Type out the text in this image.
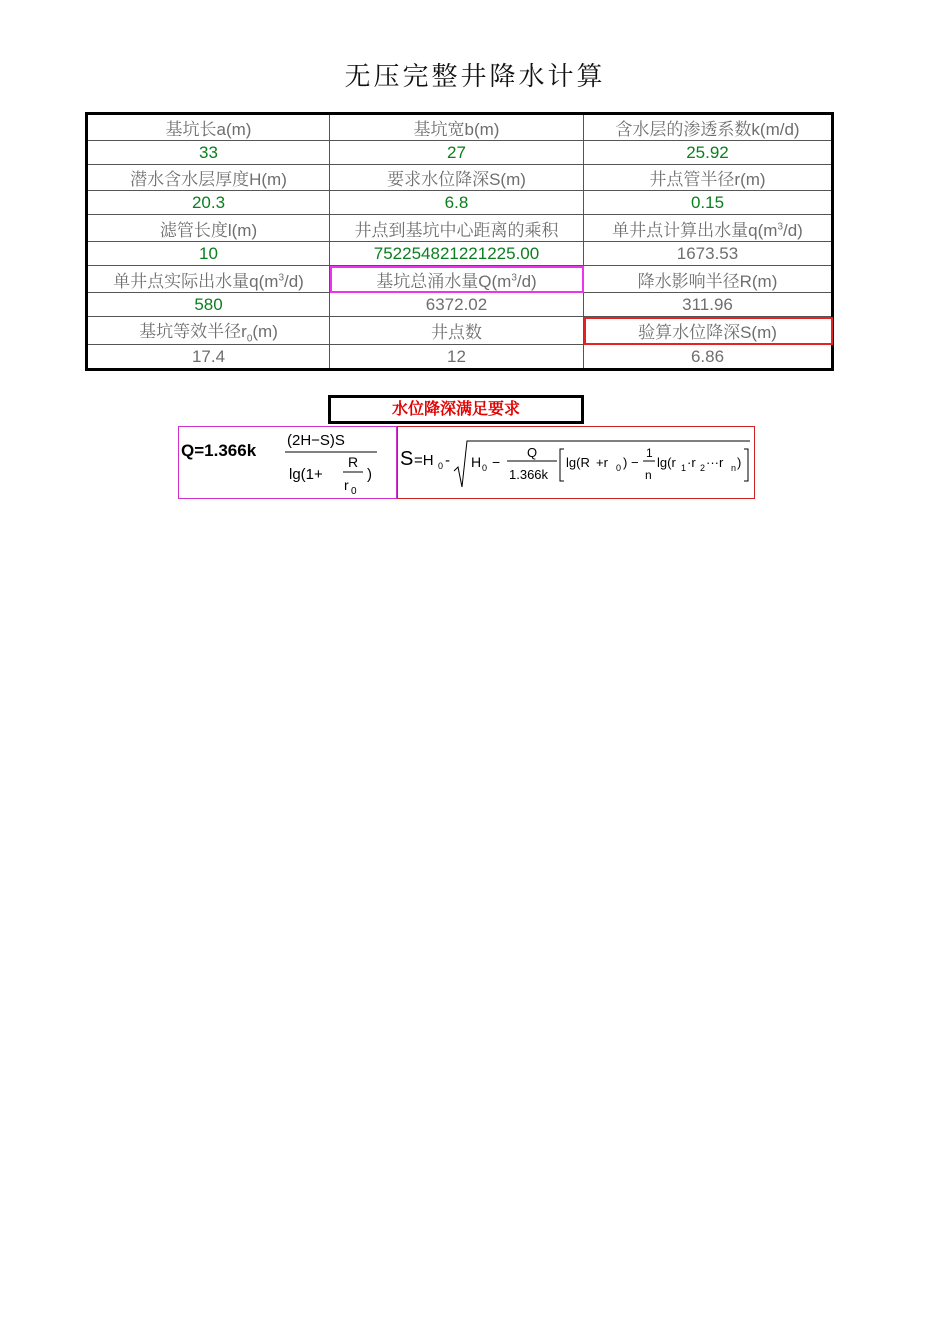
无压完整井降水计算
基坑长a(m)	基坑宽b(m)	含水层的渗透系数k(m/d)
33	27	25.92
潜水含水层厚度H(m)	要求水位降深S(m)	井点管半径r(m)
20.3	6.8	0.15
滤管长度l(m)	井点到基坑中心距离的乘积	单井点计算出水量$q(m^3/d)$
10	752254821221225.00	1673.53
单井点实际出水量$q(m^3/d)$	基坑总涌水量$Q(m^3/d)$	降水影响半径R(m)
580	6372.02	311.96
基坑等效半径$r_0(m)$	井点数	验算水位降深S(m)
17.4	12	6.86
水位降深满足要求
Q=1.366k
(2H−S)S
lg(1+
R
r 0
)
S =H 0 - H 0 −
Q
1.366k
lg(R +r 0 ) −
1
n
lg(r 1 ·r 2 ···r n )
